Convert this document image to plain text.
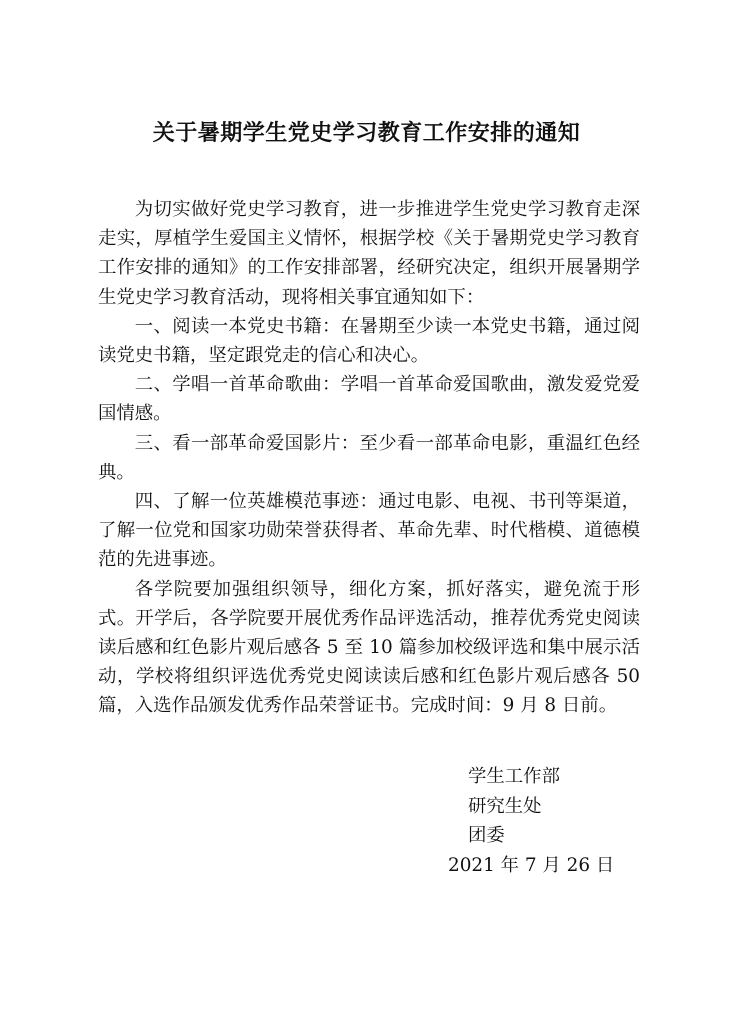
关于暑期学生党史学习教育工作安排的通知

为切实做好党史学习教育，进一步推进学生党史学习教育走深走实，厚植学生爱国主义情怀，根据学校《关于暑期党史学习教育工作安排的通知》的工作安排部署，经研究决定，组织开展暑期学生党史学习教育活动，现将相关事宜通知如下：

一、阅读一本党史书籍：在暑期至少读一本党史书籍，通过阅读党史书籍，坚定跟党走的信心和决心。

二、学唱一首革命歌曲：学唱一首革命爱国歌曲，激发爱党爱国情感。

三、看一部革命爱国影片：至少看一部革命电影，重温红色经典。

四、了解一位英雄模范事迹：通过电影、电视、书刊等渠道，了解一位党和国家功勋荣誉获得者、革命先辈、时代楷模、道德模范的先进事迹。

各学院要加强组织领导，细化方案，抓好落实，避免流于形式。开学后，各学院要开展优秀作品评选活动，推荐优秀党史阅读读后感和红色影片观后感各 5 至 10 篇参加校级评选和集中展示活动，学校将组织评选优秀党史阅读读后感和红色影片观后感各 50 篇，入选作品颁发优秀作品荣誉证书。完成时间：9 月 8 日前。

学生工作部
研究生处
团委
2021 年 7 月 26 日
